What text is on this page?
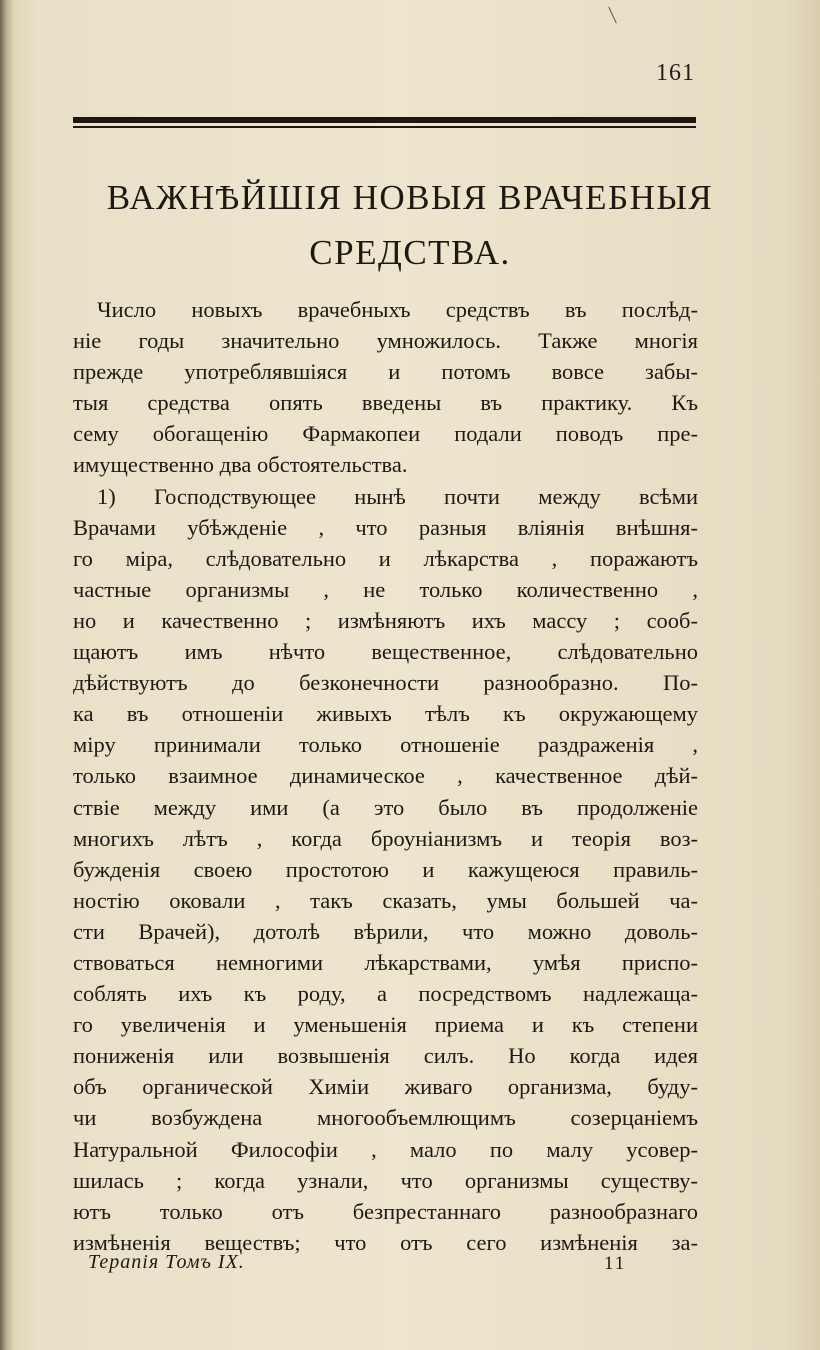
161
ВАЖНѢЙШІЯ НОВЫЯ ВРАЧЕБНЫЯ
СРЕДСТВА.
Число новыхъ врачебныхъ средствъ въ послѣд-
ніе годы значительно умножилось. Также многія
прежде употреблявшіяся и потомъ вовсе забы-
тыя средства опять введены въ практику. Къ
сему обогащенію Фармакопеи подали поводъ пре-
имущественно два обстоятельства.
1) Господствующее нынѣ почти между всѣми
Врачами убѣжденіе , что разныя вліянія внѣшня-
го міра, слѣдовательно и лѣкарства , поражаютъ
частные организмы , не только количественно ,
но и качественно ; измѣняютъ ихъ массу ; сооб-
щаютъ имъ нѣчто вещественное, слѣдовательно
дѣйствуютъ до безконечности разнообразно. По-
ка въ отношеніи живыхъ тѣлъ къ окружающему
міру принимали только отношеніе раздраженія ,
только взаимное динамическое , качественное дѣй-
ствіе между ими (а это было въ продолженіе
многихъ лѣтъ , когда броуніанизмъ и теорія воз-
бужденія своею простотою и кажущеюся правиль-
ностію оковали , такъ сказать, умы большей ча-
сти Врачей), дотолѣ вѣрили, что можно доволь-
ствоваться немногими лѣкарствами, умѣя приспо-
соблять ихъ къ роду, а посредствомъ надлежаща-
го увеличенія и уменьшенія приема и къ степени
пониженія или возвышенія силъ. Но когда идея
объ органической Химіи живаго организма, буду-
чи возбуждена многообъемлющимъ созерцаніемъ
Натуральной Философіи , мало по малу усовер-
шилась ; когда узнали, что организмы существу-
ютъ только отъ безпрестаннаго разнообразнаго
измѣненія веществъ; что отъ сего измѣненія за-
Терапія Томъ IX.	11
